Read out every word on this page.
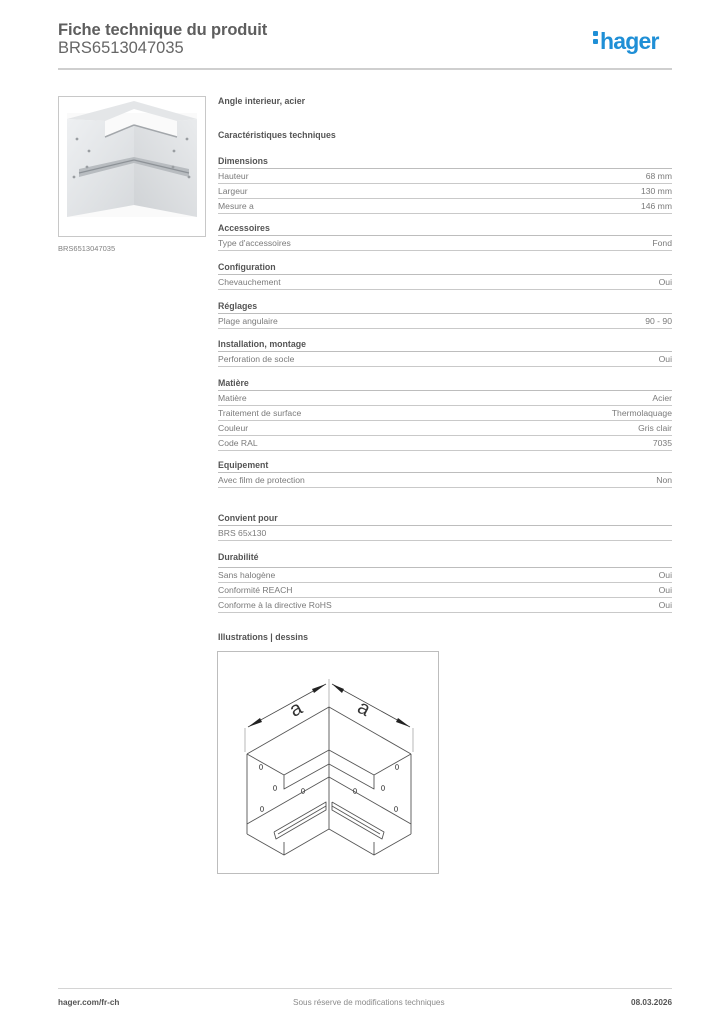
Fiche technique du produit
BRS6513047035	hager
BRS6513047035
Angle interieur, acier
Caractéristiques techniques
Dimensions
Hauteur	68 mm
Largeur	130 mm
Mesure a	146 mm
Accessoires
Type d'accessoires	Fond
Configuration
Chevauchement	Oui
Réglages
Plage angulaire	90 - 90
Installation, montage
Perforation de socle	Oui
Matière
Matière	Acier
Traitement de surface	Thermolaquage
Couleur	Gris clair
Code RAL	7035
Equipement
Avec film de protection	Non
Convient pour
BRS 65x130
Durabilité
Sans halogène	Oui
Conformité REACH	Oui
Conforme à la directive RoHS	Oui
Illustrations | dessins
a a
hager.com/fr-ch	Sous réserve de modifications techniques	08.03.2026
